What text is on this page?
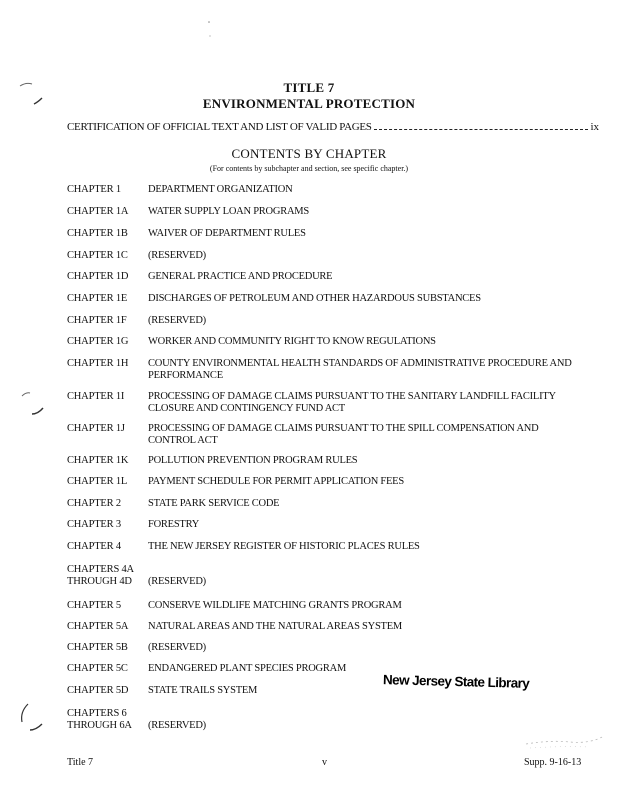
TITLE 7
ENVIRONMENTAL PROTECTION
CERTIFICATION OF OFFICIAL TEXT AND LIST OF VALID PAGES	ix
CONTENTS BY CHAPTER
(For contents by subchapter and section, see specific chapter.)
CHAPTER 1	DEPARTMENT ORGANIZATION
CHAPTER 1A	WATER SUPPLY LOAN PROGRAMS
CHAPTER 1B	WAIVER OF DEPARTMENT RULES
CHAPTER 1C	(RESERVED)
CHAPTER 1D	GENERAL PRACTICE AND PROCEDURE
CHAPTER 1E	DISCHARGES OF PETROLEUM AND OTHER HAZARDOUS SUBSTANCES
CHAPTER 1F	(RESERVED)
CHAPTER 1G	WORKER AND COMMUNITY RIGHT TO KNOW REGULATIONS
CHAPTER 1H	COUNTY ENVIRONMENTAL HEALTH STANDARDS OF ADMINISTRATIVE PROCEDURE AND PERFORMANCE
CHAPTER 1I	PROCESSING OF DAMAGE CLAIMS PURSUANT TO THE SANITARY LANDFILL FACILITY CLOSURE AND CONTINGENCY FUND ACT
CHAPTER 1J	PROCESSING OF DAMAGE CLAIMS PURSUANT TO THE SPILL COMPENSATION AND CONTROL ACT
CHAPTER 1K	POLLUTION PREVENTION PROGRAM RULES
CHAPTER 1L	PAYMENT SCHEDULE FOR PERMIT APPLICATION FEES
CHAPTER 2	STATE PARK SERVICE CODE
CHAPTER 3	FORESTRY
CHAPTER 4	THE NEW JERSEY REGISTER OF HISTORIC PLACES RULES
CHAPTERS 4A THROUGH 4D	(RESERVED)
CHAPTER 5	CONSERVE WILDLIFE MATCHING GRANTS PROGRAM
CHAPTER 5A	NATURAL AREAS AND THE NATURAL AREAS SYSTEM
CHAPTER 5B	(RESERVED)
CHAPTER 5C	ENDANGERED PLANT SPECIES PROGRAM
CHAPTER 5D	STATE TRAILS SYSTEM
CHAPTERS 6 THROUGH 6A	(RESERVED)
New Jersey State Library
Title 7	v	Supp. 9-16-13
